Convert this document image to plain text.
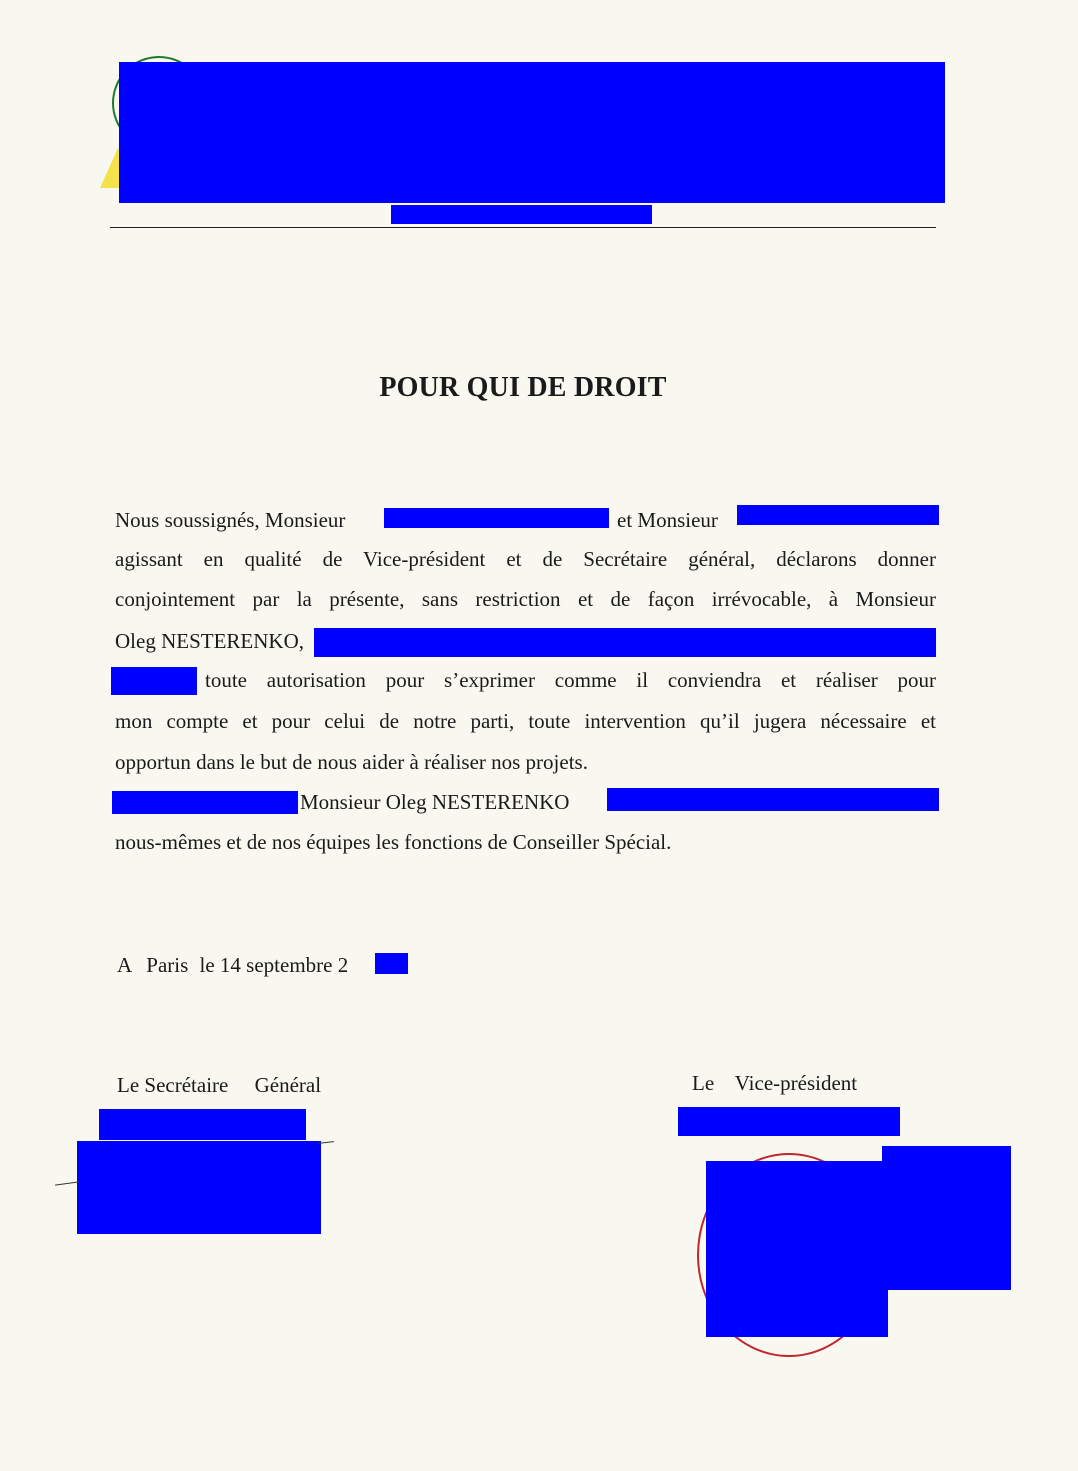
POUR QUI DE DROIT
Nous soussignés, Monsieur	et Monsieur
agissant en qualité de Vice-président et de Secrétaire général, déclarons donner
conjointement par la présente, sans restriction et de façon irrévocable, à Monsieur
Oleg NESTERENKO,
toute autorisation pour s’exprimer comme il conviendra et réaliser pour
mon compte et pour celui de notre parti, toute intervention qu’il jugera nécessaire et
opportun dans le but de nous aider à réaliser nos projets.
Monsieur Oleg NESTERENKO
nous-mêmes et de nos équipes les fonctions de Conseiller Spécial.
A Paris le 14 septembre 2
Le Secrétaire     Général	Le    Vice-président
